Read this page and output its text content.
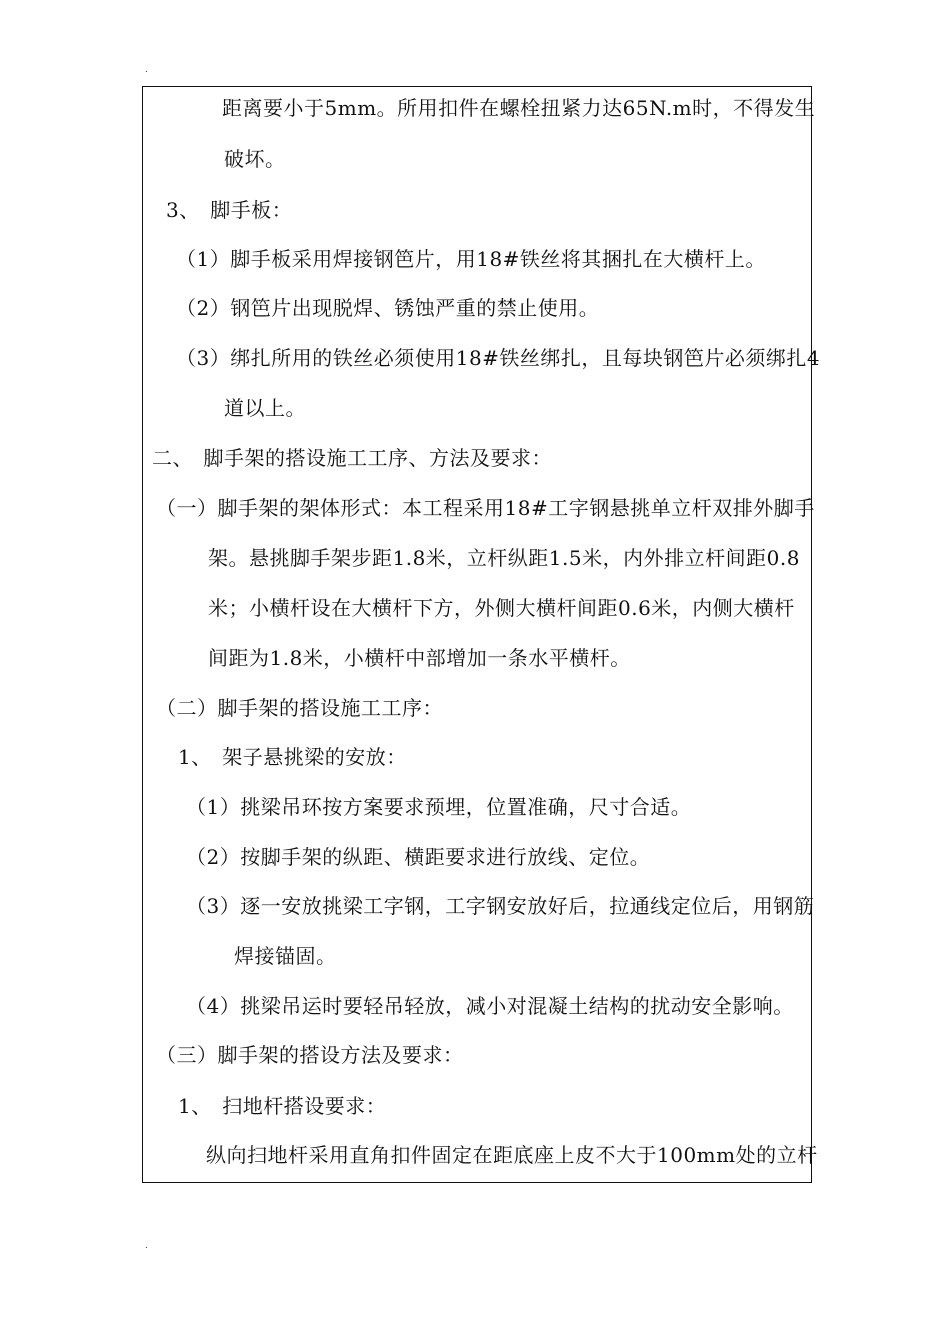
.
距离要小于5mm。所用扣件在螺栓扭紧力达65N.m时，不得发生
破坏。
3、　脚手板：
（1）脚手板采用焊接钢笆片，用18#铁丝将其捆扎在大横杆上。
（2）钢笆片出现脱焊、锈蚀严重的禁止使用。
（3）绑扎所用的铁丝必须使用18#铁丝绑扎，且每块钢笆片必须绑扎4
道以上。
二、　脚手架的搭设施工工序、方法及要求：
（一）脚手架的架体形式：本工程采用18#工字钢悬挑单立杆双排外脚手
架。悬挑脚手架步距1.8米，立杆纵距1.5米，内外排立杆间距0.8
米；小横杆设在大横杆下方，外侧大横杆间距0.6米，内侧大横杆
间距为1.8米，小横杆中部增加一条水平横杆。
（二）脚手架的搭设施工工序：
1、　架子悬挑梁的安放：
（1）挑梁吊环按方案要求预埋，位置准确，尺寸合适。
（2）按脚手架的纵距、横距要求进行放线、定位。
（3）逐一安放挑梁工字钢，工字钢安放好后，拉通线定位后，用钢筋
焊接锚固。
（4）挑梁吊运时要轻吊轻放，减小对混凝土结构的扰动安全影响。
（三）脚手架的搭设方法及要求：
1、　扫地杆搭设要求：
纵向扫地杆采用直角扣件固定在距底座上皮不大于100mm处的立杆
.
